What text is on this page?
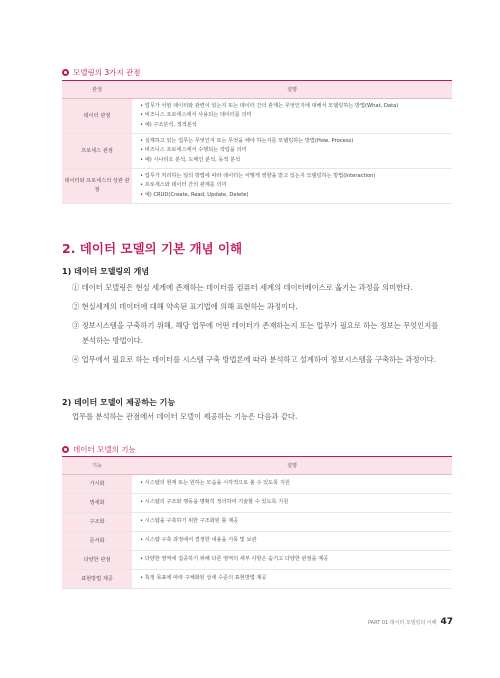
모델링의 3가지 관점
관점	설명
데이터 관점	• 업무가 어떤 데이터와 관련이 있는지 또는 데이터 간의 관계는 무엇인지에 대해서 모델링하는 방법(What, Data)
• 비즈니스 프로세스에서 사용되는 데이터를 의미
• 예) 구조분석, 정적분석

프로세스 관점	• 실제하고 있는 업무는 무엇인지 또는 무엇을 해야 하는지를 모델링하는 방법(How, Process)
• 비즈니스 프로세스에서 수행되는 작업을 의미
• 예) 시나리오 분석, 도메인 분석, 동적 분석

데이터와 프로세스의 상관 관점	• 업무가 처리하는 일의 방법에 따라 데이터는 어떻게 영향을 받고 있는지 모델링하는 방법(Interaction)
• 프로세스와 데이터 간의 관계를 의미
• 예) CRUD(Create, Read, Update, Delete)
2. 데이터 모델의 기본 개념 이해
1) 데이터 모델링의 개념

① 데이터 모델링은 현실 세계에 존재하는 데이터를 컴퓨터 세계의 데이터베이스로 옮기는 과정을 의미한다.

② 현실세계의 데이터에 대해 약속된 표기법에 의해 표현하는 과정이다.

③ 정보시스템을 구축하기 위해, 해당 업무에 어떤 데이터가 존재하는지 또는 업무가 필요로 하는 정보는 무엇인지를 분석하는 방법이다.

④ 업무에서 필요로 하는 데이터를 시스템 구축 방법론에 따라 분석하고 설계하여 정보시스템을 구축하는 과정이다.

2) 데이터 모델이 제공하는 기능
업무를 분석하는 관점에서 데이터 모델이 제공하는 기능은 다음과 같다.
데이터 모델의 기능
기능	설명
가시화	• 시스템의 현재 또는 원하는 모습을 시각적으로 볼 수 있도록 지원
명세화	• 시스템의 구조와 행동을 명확히 정의하여 기술할 수 있도록 지원
구조화	• 시스템을 구축하기 위한 구조화된 틀 제공
문서화	• 시스템 구축 과정에서 결정한 내용을 기록 및 보관
다양한 관점	• 다양한 영역에 집중하기 위해 다른 영역의 세부 사항은 숨기고 다양한 관점을 제공
표현방법 제공	• 특정 목표에 따라 구체화된 상세 수준의 표현방법 제공
PART 01 데이터 모델링의 이해 47
